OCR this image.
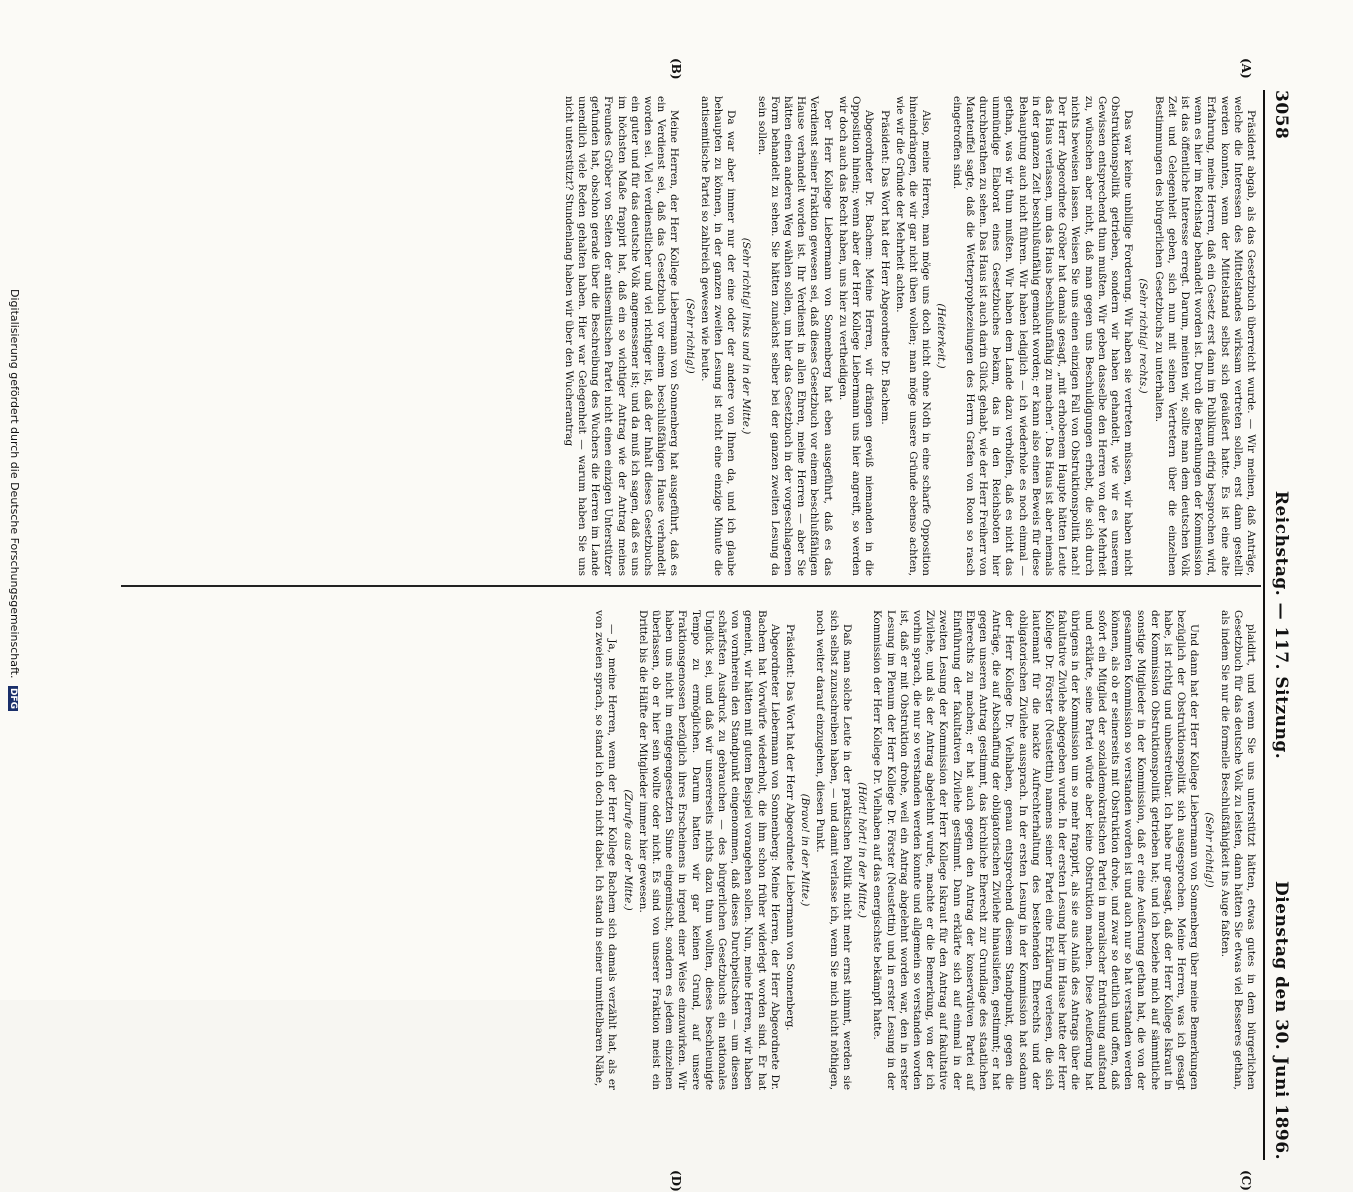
3058
Reichstag. — 117. Sitzung.
Dienstag den 30. Juni 1896.
(A)
(B)
(C)
(D)

Präsident abgab, als das Gesetzbuch überreicht wurde. — Wir meinen, daß Anträge, welche die Interessen des Mittelstandes wirksam vertreten sollen, erst dann gestellt werden konnten, wenn der Mittelstand selbst sich geäußert hatte. Es ist eine alte Erfahrung, meine Herren, daß ein Gesetz erst dann im Publikum eifrig besprochen wird, wenn es hier im Reichstag behandelt worden ist. Durch die Berathungen der Kommission ist das öffentliche Interesse erregt. Darum, meinten wir, sollte man dem deutschen Volk Zeit und Gelegenheit geben, sich nun mit seinen Vertretern über die einzelnen Bestimmungen des bürgerlichen Gesetzbuchs zu unterhalten.

(Sehr richtig! rechts.)

Das war keine unbillige Forderung. Wir haben sie vertreten müssen, wir haben nicht Obstruktionspolitik getrieben, sondern wir haben gehandelt, wie wir es unserem Gewissen entsprechend thun mußten. Wir geben dasselbe den Herren von der Mehrheit zu, wünschen aber nicht, daß man gegen uns Beschuldigungen erhebt, die sich durch nichts beweisen lassen. Weisen Sie uns einen einzigen Fall von Obstruktionspolitik nach! Der Herr Abgeordnete Gröber hat damals gesagt, „mit erhobenem Haupte hätten Leute das Haus verlassen, um das Haus beschlußunfähig zu machen“. Das Haus ist aber niemals in der ganzen Zeit beschlußunfähig gemacht worden; er kann also einen Beweis für diese Behauptung auch nicht führen. Wir haben lediglich — ich wiederhole es noch einmal — gethan, was wir thun mußten. Wir haben dem Lande dazu verholfen, daß es nicht das unmündige Elaborat eines Gesetzbuches bekam, das in den Reichsboten hier durchberathen zu sehen. Das Haus ist auch darin Glück gehabt, wie der Herr Freiherr von Manteuffel sagte, daß die Wetterprophezeiungen des Herrn Grafen von Roon so rasch eingetroffen sind.

(Heiterkeit.)

Also, meine Herren, man möge uns doch nicht ohne Noth in eine scharfe Opposition hineindrängen, die wir gar nicht üben wollen; man möge unsere Gründe ebenso achten, wie wir die Gründe der Mehrheit achten.

Präsident: Das Wort hat der Herr Abgeordnete Dr. Bachem.

Abgeordneter Dr. Bachem: Meine Herren, wir drängen gewiß niemanden in die Opposition hinein; wenn aber der Herr Kollege Liebermann uns hier angreift, so werden wir doch auch das Recht haben, uns hier zu vertheidigen.

Der Herr Kollege Liebermann von Sonnenberg hat eben ausgeführt, daß es das Verdienst seiner Fraktion gewesen sei, daß dieses Gesetzbuch vor einem beschlußfähigen Hause verhandelt worden ist. Ihr Verdienst in allen Ehren, meine Herren — aber Sie hätten einen anderen Weg wählen sollen, um hier das Gesetzbuch in der vorgeschlagenen Form behandelt zu sehen. Sie hätten zunächst selber bei der ganzen zweiten Lesung da sein sollen.

(Sehr richtig! links und in der Mitte.)

Da war aber immer nur der eine oder der andere von Ihnen da, und ich glaube behaupten zu können, in der ganzen zweiten Lesung ist nicht eine einzige Minute die antisemitische Partei so zahlreich gewesen wie heute.

(Sehr richtig!)

Meine Herren, der Herr Kollege Liebermann von Sonnenberg hat ausgeführt, daß es ein Verdienst sei, daß das Gesetzbuch vor einem beschlußfähigen Hause verhandelt worden sei. Viel verdienstlicher und viel richtiger ist, daß der Inhalt dieses Gesetzbuchs ein guter und für das deutsche Volk angemessener ist; und da muß ich sagen, daß es uns im höchsten Maße frappirt hat, daß ein so wichtiger Antrag wie der Antrag meines Freundes Gröber von Seiten der antisemitischen Partei nicht einen einzigen Unterstützer gefunden hat, obschon gerade über die Beschreibung des Wuchers die Herren im Lande unendlich viele Reden gehalten haben. Hier war Gelegenheit — warum haben Sie uns nicht unterstützt? Stundenlang haben wir über den Wucherantrag

plaidirt, und wenn Sie uns unterstützt hätten, etwas gutes in dem bürgerlichen Gesetzbuch für das deutsche Volk zu leisten, dann hätten Sie etwas viel Besseres gethan, als indem Sie nur die formelle Beschlußfähigkeit ins Auge faßten.

(Sehr richtig!)

Und dann hat der Herr Kollege Liebermann von Sonnenberg über meine Bemerkungen bezüglich der Obstruktionspolitik sich ausgesprochen. Meine Herren, was ich gesagt habe, ist richtig und unbestreitbar. Ich habe nur gesagt, daß der Herr Kollege Iskraut in der Kommission Obstruktionspolitik getrieben hat; und ich beziehe mich auf sämmtliche sonstige Mitglieder in der Kommission, daß er eine Aeußerung gethan hat, die von der gesammten Kommission so verstanden worden ist und auch nur so hat verstanden werden können, als ob er seinerseits mit Obstruktion drohe, und zwar so deutlich und offen, daß sofort ein Mitglied der sozialdemokratischen Partei in moralischer Entrüstung aufstand und erklärte, seine Partei würde aber keine Obstruktion machen. Diese Aeußerung hat übrigens in der Kommission um so mehr frappirt, als sie aus Anlaß des Antrags über die fakultative Zivilehe abgegeben wurde. In der ersten Lesung hier im Hause hatte der Herr Kollege Dr. Förster (Neustettin) namens seiner Partei eine Erklärung verlesen, die sich lautemant für die nackte Aufrechterhaltung des bestehenden Eherechts und der obligatorischen Zivilehe aussprach. In der ersten Lesung in der Kommission hat sodann der Herr Kollege Dr. Vielhaben, genau entsprechend diesem Standpunkt, gegen die Anträge, die auf Abschaffung der obligatorischen Zivilehe hinausliefen, gestimmt; er hat gegen unseren Antrag gestimmt, das kirchliche Eherecht zur Grundlage des staatlichen Eherechts zu machen; er hat auch gegen den Antrag der konservativen Partei auf Einführung der fakultativen Zivilehe gestimmt. Dann erklärte sich auf einmal in der zweiten Lesung der Kommission der Herr Kollege Iskraut für den Antrag auf fakultative Zivilehe, und als der Antrag abgelehnt wurde, machte er die Bemerkung, von der ich vorhin sprach, die nur so verstanden werden konnte und allgemein so verstanden worden ist, daß er mit Obstruktion drohe, weil ein Antrag abgelehnt worden war, den in erster Lesung im Plenum der Herr Kollege Dr. Förster (Neustettin) und in erster Lesung in der Kommission der Herr Kollege Dr. Vielhaben auf das energischste bekämpft hatte.

(Hört! hört! in der Mitte.)

Daß man solche Leute in der praktischen Politik nicht mehr ernst nimmt, werden sie sich selbst zuzuschreiben haben, — und damit verlasse ich, wenn Sie mich nicht nöthigen, noch weiter darauf einzugehen, diesen Punkt.

(Bravo! in der Mitte.)

Präsident: Das Wort hat der Herr Abgeordnete Liebermann von Sonnenberg.

Abgeordneter Liebermann von Sonnenberg: Meine Herren, der Herr Abgeordnete Dr. Bachem hat Vorwürfe wiederholt, die ihm schon früher widerlegt worden sind. Er hat gemeint, wir hätten mit gutem Beispiel vorangehen sollen. Nun, meine Herren, wir haben von vornherein den Standpunkt eingenommen, daß dieses Durchpeitschen — um diesen schärfsten Ausdruck zu gebrauchen — des bürgerlichen Gesetzbuchs ein nationales Unglück sei, und daß wir unsererseits nichts dazu thun wollten, dieses beschleunigte Tempo zu ermöglichen. Darum hatten wir gar keinen Grund, auf unsere Fraktionsgenossen bezüglich ihres Erscheinens in irgend einer Weise einzuwirken. Wir haben uns nicht im entgegengesetzten Sinne eingemischt, sondern es jedem einzelnen überlassen, ob er hier sein wollte oder nicht. Es sind von unserer Fraktion meist ein Drittel bis die Hälfte der Mitglieder immer hier gewesen.

(Zurufe aus der Mitte.)

— Ja, meine Herren, wenn der Herr Kollege Bachem sich damals verzählt hat, als er von zweien sprach, so stand ich doch nicht dabei. Ich stand in seiner unmittelbaren Nähe,

Digitalisierung gefördert durch die Deutsche Forschungsgemeinschaft. DFG
